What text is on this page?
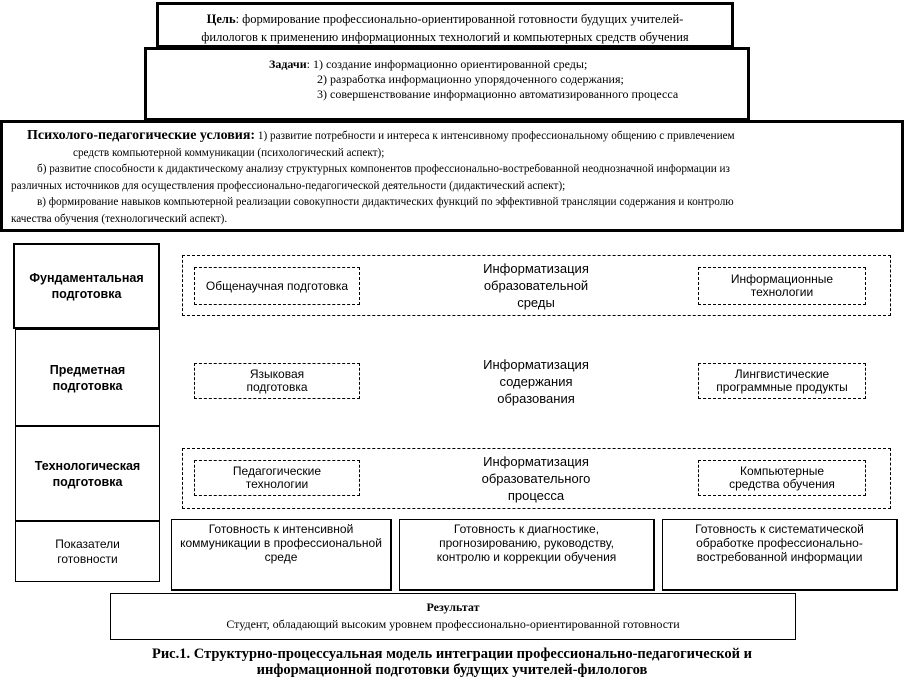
Цель: формирование профессионально-ориентированной готовности будущих учителей-

филологов к применению информационных технологий и компьютерных средств обучения

Задачи: 1) создание информационно ориентированной среды;

2) разработка информационно упорядоченного содержания;

3) совершенствование информационно автоматизированного процесса

Психолого-педагогические условия: 1) развитие потребности и интереса к интенсивному профессиональному общению с привлечением

средств компьютерной коммуникации (психологический аспект);

б) развитие способности к дидактическому анализу структурных компонентов профессионально-востребованной неоднозначной информации из

различных источников для осуществления профессионально-педагогической деятельности (дидактический аспект);

в) формирование навыков компьютерной реализации совокупности дидактических функций по эффективной трансляции содержания и контролю

качества обучения (технологический аспект).

Фундаментальная подготовка
Предметная подготовка
Технологическая подготовка
Показатели готовности
Общенаучная подготовка
Информатизация образовательной среды
Информационные технологии
Языковая подготовка
Информатизация содержания образования
Лингвистические программные продукты
Педагогические технологии
Информатизация образовательного процесса
Компьютерные средства обучения
Готовность к интенсивной коммуникации в профессиональной среде
Готовность к диагностике, прогнозированию, руководству, контролю и коррекции обучения
Готовность к систематической обработке профессионально-востребованной информации

Результат

Студент, обладающий высоким уровнем профессионально-ориентированной готовности

Рис.1. Структурно-процессуальная модель интеграции профессионально-педагогической и

информационной подготовки будущих учителей-филологов
